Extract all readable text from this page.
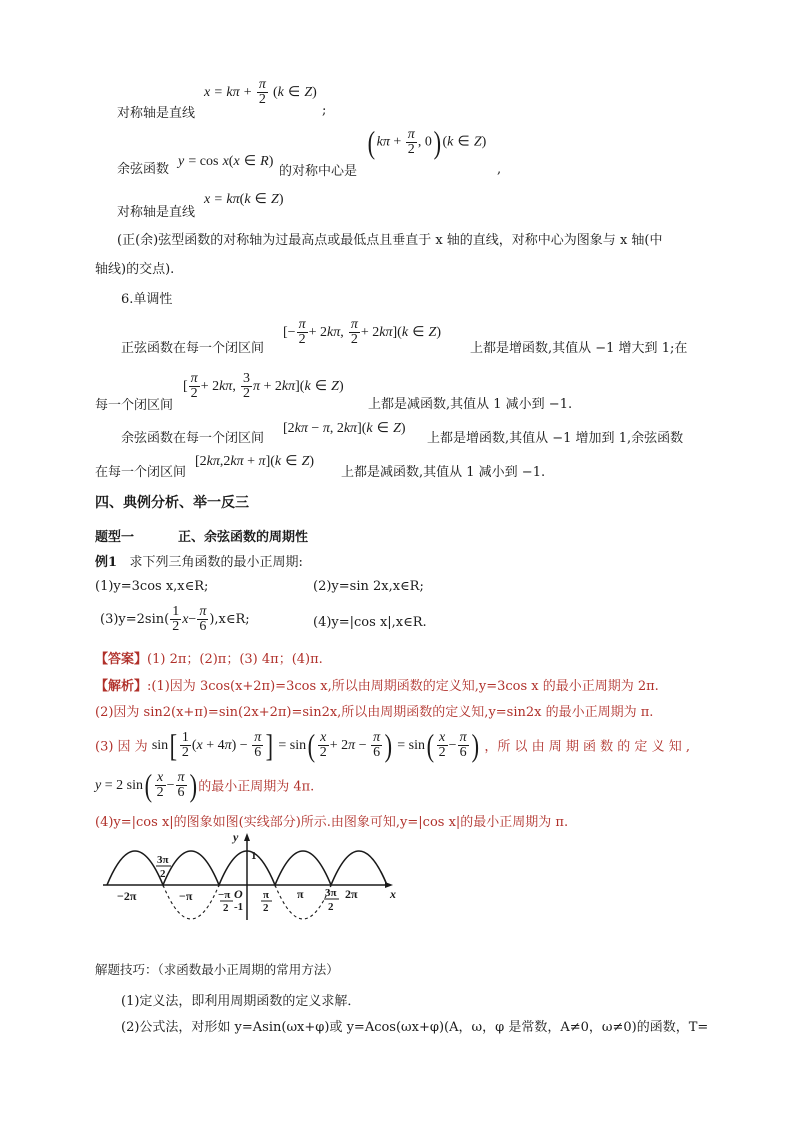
$x = k\pi + \frac{\pi}{2} (k$ ∈ Z)
对称轴是直线	;
余弦函数
y = cos x(x ∈ R)
的对称中心是
( $k\pi + \frac{\pi}{2}$ , 0) (k ∈ Z)
,
对称轴是直线
x = kπ(k ∈ Z)
(正(余)弦型函数的对称轴为过最高点或最低点且垂直于 x 轴的直线，对称中心为图象与 x 轴(中
轴线)的交点).
6.单调性
正弦函数在每一个闭区间
[− $\frac{\pi}{2} + 2k\pi$, $\frac{\pi}{2} + 2k\pi](k$ ∈ Z)
上都是增函数,其值从 −1 增大到 1;在
每一个闭区间
[ $\frac{\pi}{2} + 2k\pi$, $\frac{3}{2}$ π + 2kπ](k ∈ Z)
上都是减函数,其值从 1 减小到 −1.
余弦函数在每一个闭区间
[2kπ − π, 2kπ](k ∈ Z)
上都是增函数,其值从 −1 增加到 1,余弦函数
在每一个闭区间
[2kπ,2kπ + π](k ∈ Z)
上都是减函数,其值从 1 减小到 −1.
四、典例分析、举一反三
题型一	正、余弦函数的周期性
例1 求下列三角函数的最小正周期:
(1)y=3cos x,x∈R;	(2)y=sin 2x,x∈R;
$(3)y=2\sin( \frac{1}{2} x- \frac{\pi}{6}$ ),x∈R;	(4)y=|cos x|,x∈R.
【答案】(1) 2π；(2)π；(3) 4π；(4)π.
【解析】:(1)因为 3cos(x+2π)=3cos x,所以由周期函数的定义知,y=3cos x 的最小正周期为 2π.
(2)因为 sin2(x+π)=sin(2x+2π)=sin2x,所以由周期函数的定义知,y=sin2x 的最小正周期为 π.
(3) 因 为 $\sin[ \frac{1}{2} (x + 4\pi) - \frac{\pi}{6}$ ] = $\sin( \frac{x}{2} + 2\pi - \frac{\pi}{6}$ ) = $\sin( \frac{x}{2} - \frac{\pi}{6}$ ) ，所 以 由 周 期 函 数 的 定 义 知 ,
y = 2 $\sin( \frac{x}{2} - \frac{\pi}{6}$ ) 的最小正周期为 4π.
(4)y=|cos x|的图象如图(实线部分)所示.由图象可知,y=|cos x|的最小正周期为 π.
−2π
3π
2
−π −π
2
O
1
-1
y
π
2
π 3π
2
2π	x
解题技巧：（求函数最小正周期的常用方法）
(1)定义法，即利用周期函数的定义求解．
(2)公式法，对形如 y=Asin(ωx+φ)或 y=Acos(ωx+φ)(A，ω，φ 是常数，A≠0，ω≠0)的函数，T=
